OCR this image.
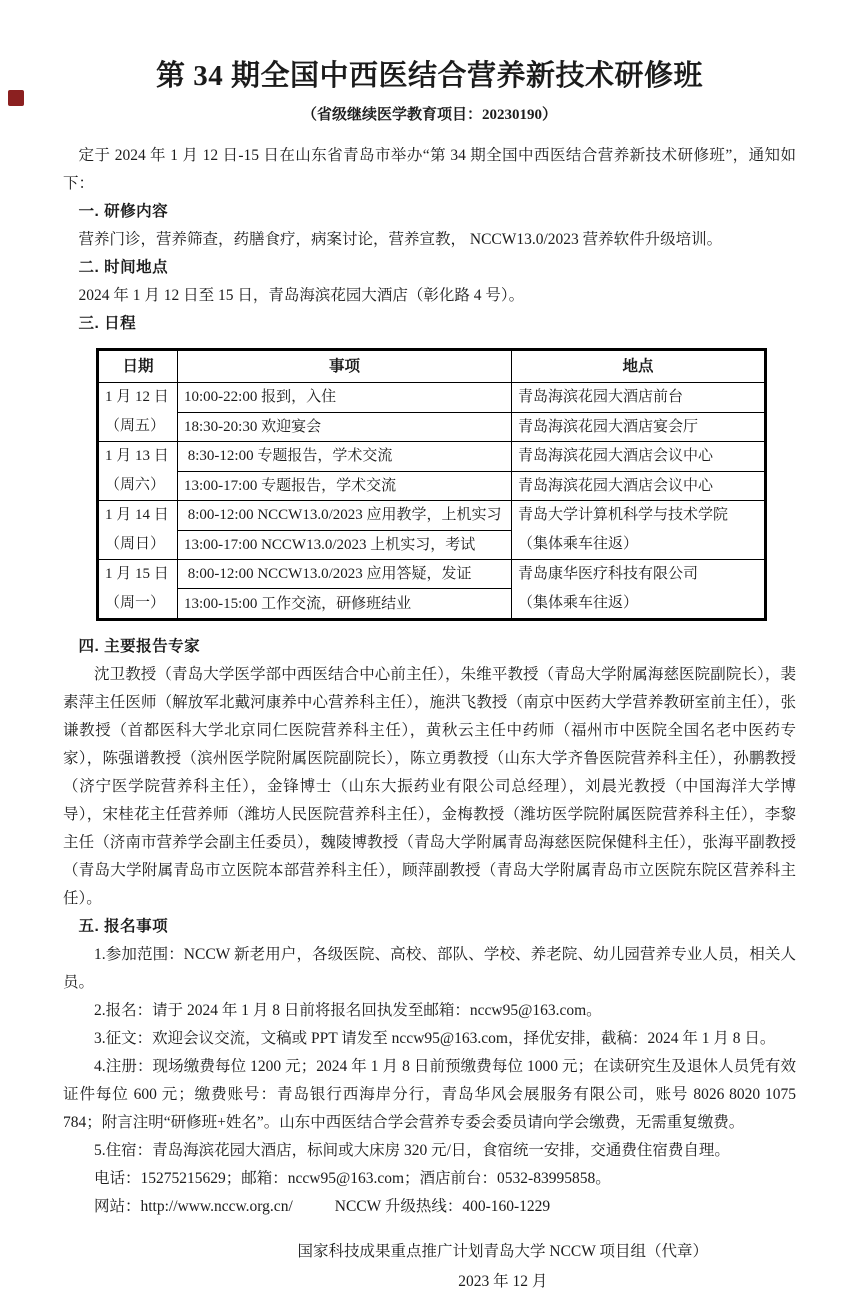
第 34 期全国中西医结合营养新技术研修班
（省级继续医学教育项目：20230190）

定于 2024 年 1 月 12 日-15 日在山东省青岛市举办“第 34 期全国中西医结合营养新技术研修班”，通知如下：

一. 研修内容

营养门诊，营养筛查，药膳食疗，病案讨论，营养宣教， NCCW13.0/2023 营养软件升级培训。

二. 时间地点

2024 年 1 月 12 日至 15 日，青岛海滨花园大酒店（彰化路 4 号）。

三. 日程

日期	事项	地点

1 月 12 日
（周五）	10:00-22:00 报到，入住	青岛海滨花园大酒店前台
	18:30-20:30 欢迎宴会	青岛海滨花园大酒店宴会厅

1 月 13 日
（周六）	8:30-12:00 专题报告，学术交流	青岛海滨花园大酒店会议中心
	13:00-17:00 专题报告，学术交流	青岛海滨花园大酒店会议中心

1 月 14 日
（周日）
	8:00-12:00 NCCW13.0/2023 应用教学，上机实习	青岛大学计算机科学与技术学院
（集体乘车往返）

	13:00-17:00 NCCW13.0/2023 上机实习，考试	

1 月 15 日
（周一）
	8:00-12:00 NCCW13.0/2023 应用答疑，发证	青岛康华医疗科技有限公司
（集体乘车往返）

	13:00-15:00 工作交流，研修班结业	

四. 主要报告专家

沈卫教授（青岛大学医学部中西医结合中心前主任），朱维平教授（青岛大学附属海慈医院副院长），裴素萍主任医师（解放军北戴河康养中心营养科主任），施洪飞教授（南京中医药大学营养教研室前主任），张谦教授（首都医科大学北京同仁医院营养科主任），黄秋云主任中药师（福州市中医院全国名老中医药专家），陈强谱教授（滨州医学院附属医院副院长），陈立勇教授（山东大学齐鲁医院营养科主任），孙鹏教授（济宁医学院营养科主任），金锋博士（山东大振药业有限公司总经理），刘晨光教授（中国海洋大学博导），宋桂花主任营养师（潍坊人民医院营养科主任），金梅教授（潍坊医学院附属医院营养科主任），李黎主任（济南市营养学会副主任委员），魏陵博教授（青岛大学附属青岛海慈医院保健科主任），张海平副教授（青岛大学附属青岛市立医院本部营养科主任），顾萍副教授（青岛大学附属青岛市立医院东院区营养科主任）。

五. 报名事项

1.参加范围：NCCW 新老用户，各级医院、高校、部队、学校、养老院、幼儿园营养专业人员，相关人员。

2.报名：请于 2024 年 1 月 8 日前将报名回执发至邮箱：nccw95@163.com。

3.征文：欢迎会议交流，文稿或 PPT 请发至 nccw95@163.com，择优安排，截稿：2024 年 1 月 8 日。

4.注册：现场缴费每位 1200 元；2024 年 1 月 8 日前预缴费每位 1000 元；在读研究生及退休人员凭有效证件每位 600 元；缴费账号：青岛银行西海岸分行，青岛华风会展服务有限公司，账号 8026 8020 1075 784；附言注明“研修班+姓名”。山东中西医结合学会营养专委会委员请向学会缴费，无需重复缴费。

5.住宿：青岛海滨花园大酒店，标间或大床房 320 元/日，食宿统一安排，交通费住宿费自理。

电话：15275215629；邮箱：nccw95@163.com；酒店前台：0532-83995858。

网站：http://www.nccw.org.cn/	NCCW 升级热线：400-160-1229

国家科技成果重点推广计划青岛大学 NCCW 项目组（代章）
2023 年 12 月
